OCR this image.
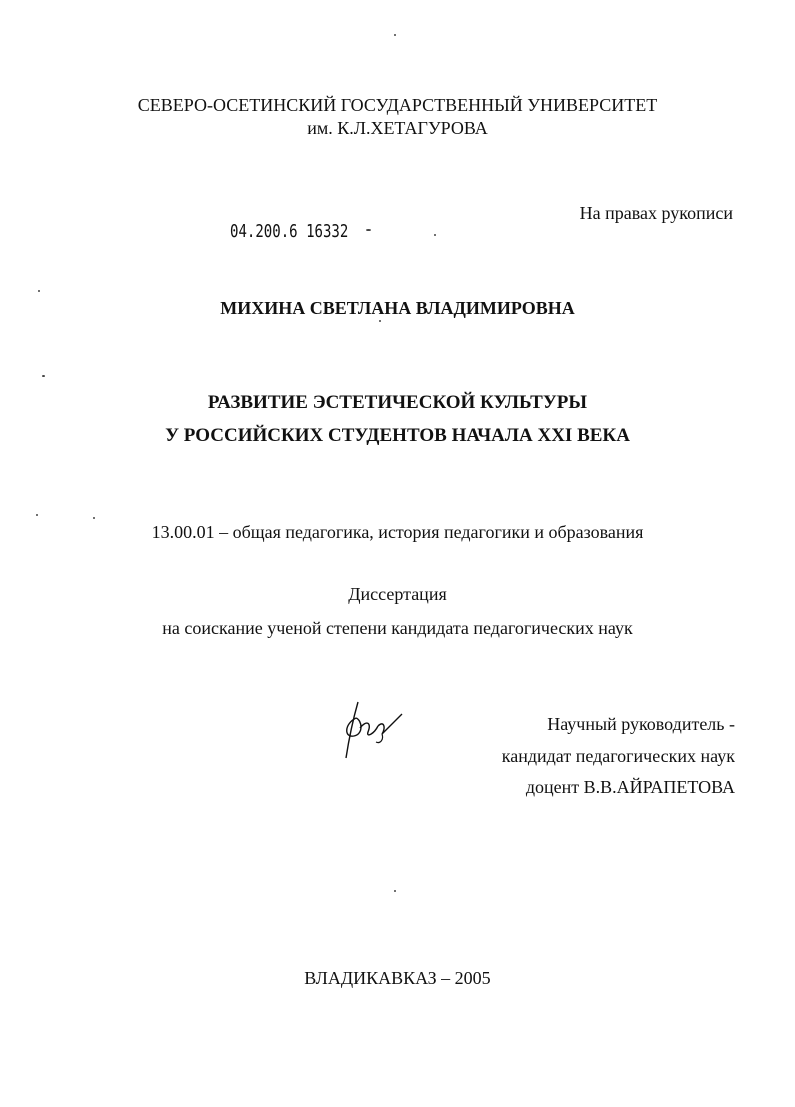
СЕВЕРО-ОСЕТИНСКИЙ ГОСУДАРСТВЕННЫЙ УНИВЕРСИТЕТ
им. К.Л.ХЕТАГУРОВА
На правах рукописи
04.200.6 16332
МИХИНА СВЕТЛАНА ВЛАДИМИРОВНА
РАЗВИТИЕ ЭСТЕТИЧЕСКОЙ КУЛЬТУРЫ
У РОССИЙСКИХ СТУДЕНТОВ НАЧАЛА XXI ВЕКА
13.00.01 – общая педагогика, история педагогики и образования
Диссертация
на соискание ученой степени кандидата педагогических наук
Научный руководитель -
кандидат педагогических наук
доцент В.В.АЙРАПЕТОВА
ВЛАДИКАВКАЗ – 2005
